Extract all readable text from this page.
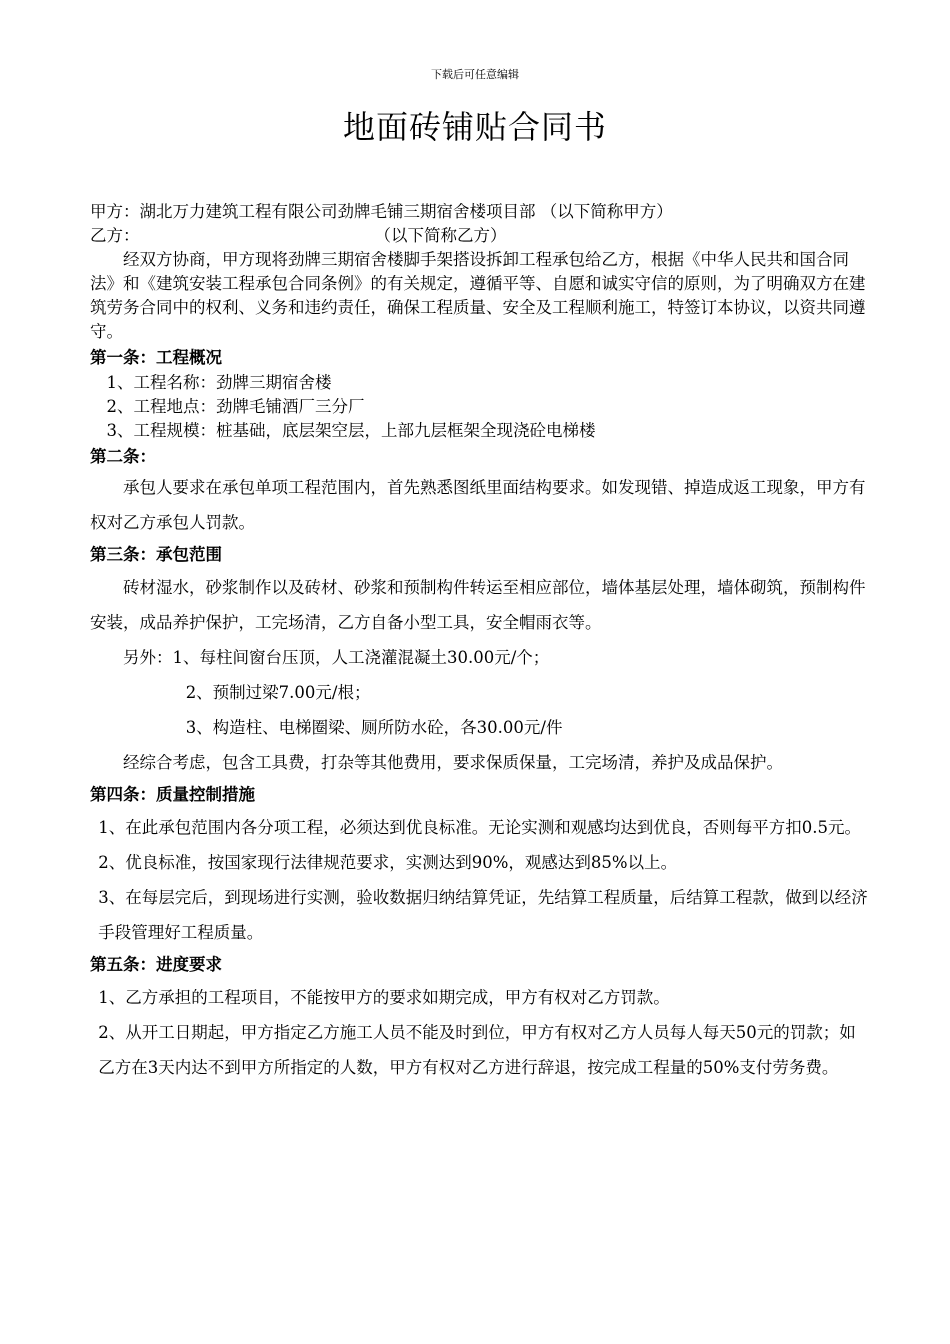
下载后可任意编辑
地面砖铺贴合同书
甲方：湖北万力建筑工程有限公司劲牌毛铺三期宿舍楼项目部 （以下简称甲方）
乙方：	（以下简称乙方）
经双方协商，甲方现将劲牌三期宿舍楼脚手架搭设拆卸工程承包给乙方，根据《中华人民共和国合同法》和《建筑安装工程承包合同条例》的有关规定，遵循平等、自愿和诚实守信的原则，为了明确双方在建筑劳务合同中的权利、义务和违约责任，确保工程质量、安全及工程顺利施工，特签订本协议，以资共同遵守。
第一条：工程概况
1、工程名称：劲牌三期宿舍楼
2、工程地点：劲牌毛铺酒厂三分厂
3、工程规模：桩基础，底层架空层，上部九层框架全现浇砼电梯楼
第二条：
承包人要求在承包单项工程范围内，首先熟悉图纸里面结构要求。如发现错、掉造成返工现象，甲方有权对乙方承包人罚款。
第三条：承包范围
砖材湿水，砂浆制作以及砖材、砂浆和预制构件转运至相应部位，墙体基层处理，墙体砌筑，预制构件安装，成品养护保护，工完场清，乙方自备小型工具，安全帽雨衣等。
另外：1、每柱间窗台压顶，人工浇灌混凝土30.00元/个；
2、预制过梁7.00元/根；
3、构造柱、电梯圈梁、厕所防水砼，各30.00元/件
经综合考虑，包含工具费，打杂等其他费用，要求保质保量，工完场清，养护及成品保护。
第四条：质量控制措施
1、在此承包范围内各分项工程，必须达到优良标准。无论实测和观感均达到优良，否则每平方扣0.5元。
2、优良标准，按国家现行法律规范要求，实测达到90%，观感达到85%以上。
3、在每层完后，到现场进行实测，验收数据归纳结算凭证，先结算工程质量，后结算工程款，做到以经济手段管理好工程质量。
第五条：进度要求
1、乙方承担的工程项目，不能按甲方的要求如期完成，甲方有权对乙方罚款。
2、从开工日期起，甲方指定乙方施工人员不能及时到位，甲方有权对乙方人员每人每天50元的罚款；如乙方在3天内达不到甲方所指定的人数，甲方有权对乙方进行辞退，按完成工程量的50%支付劳务费。
